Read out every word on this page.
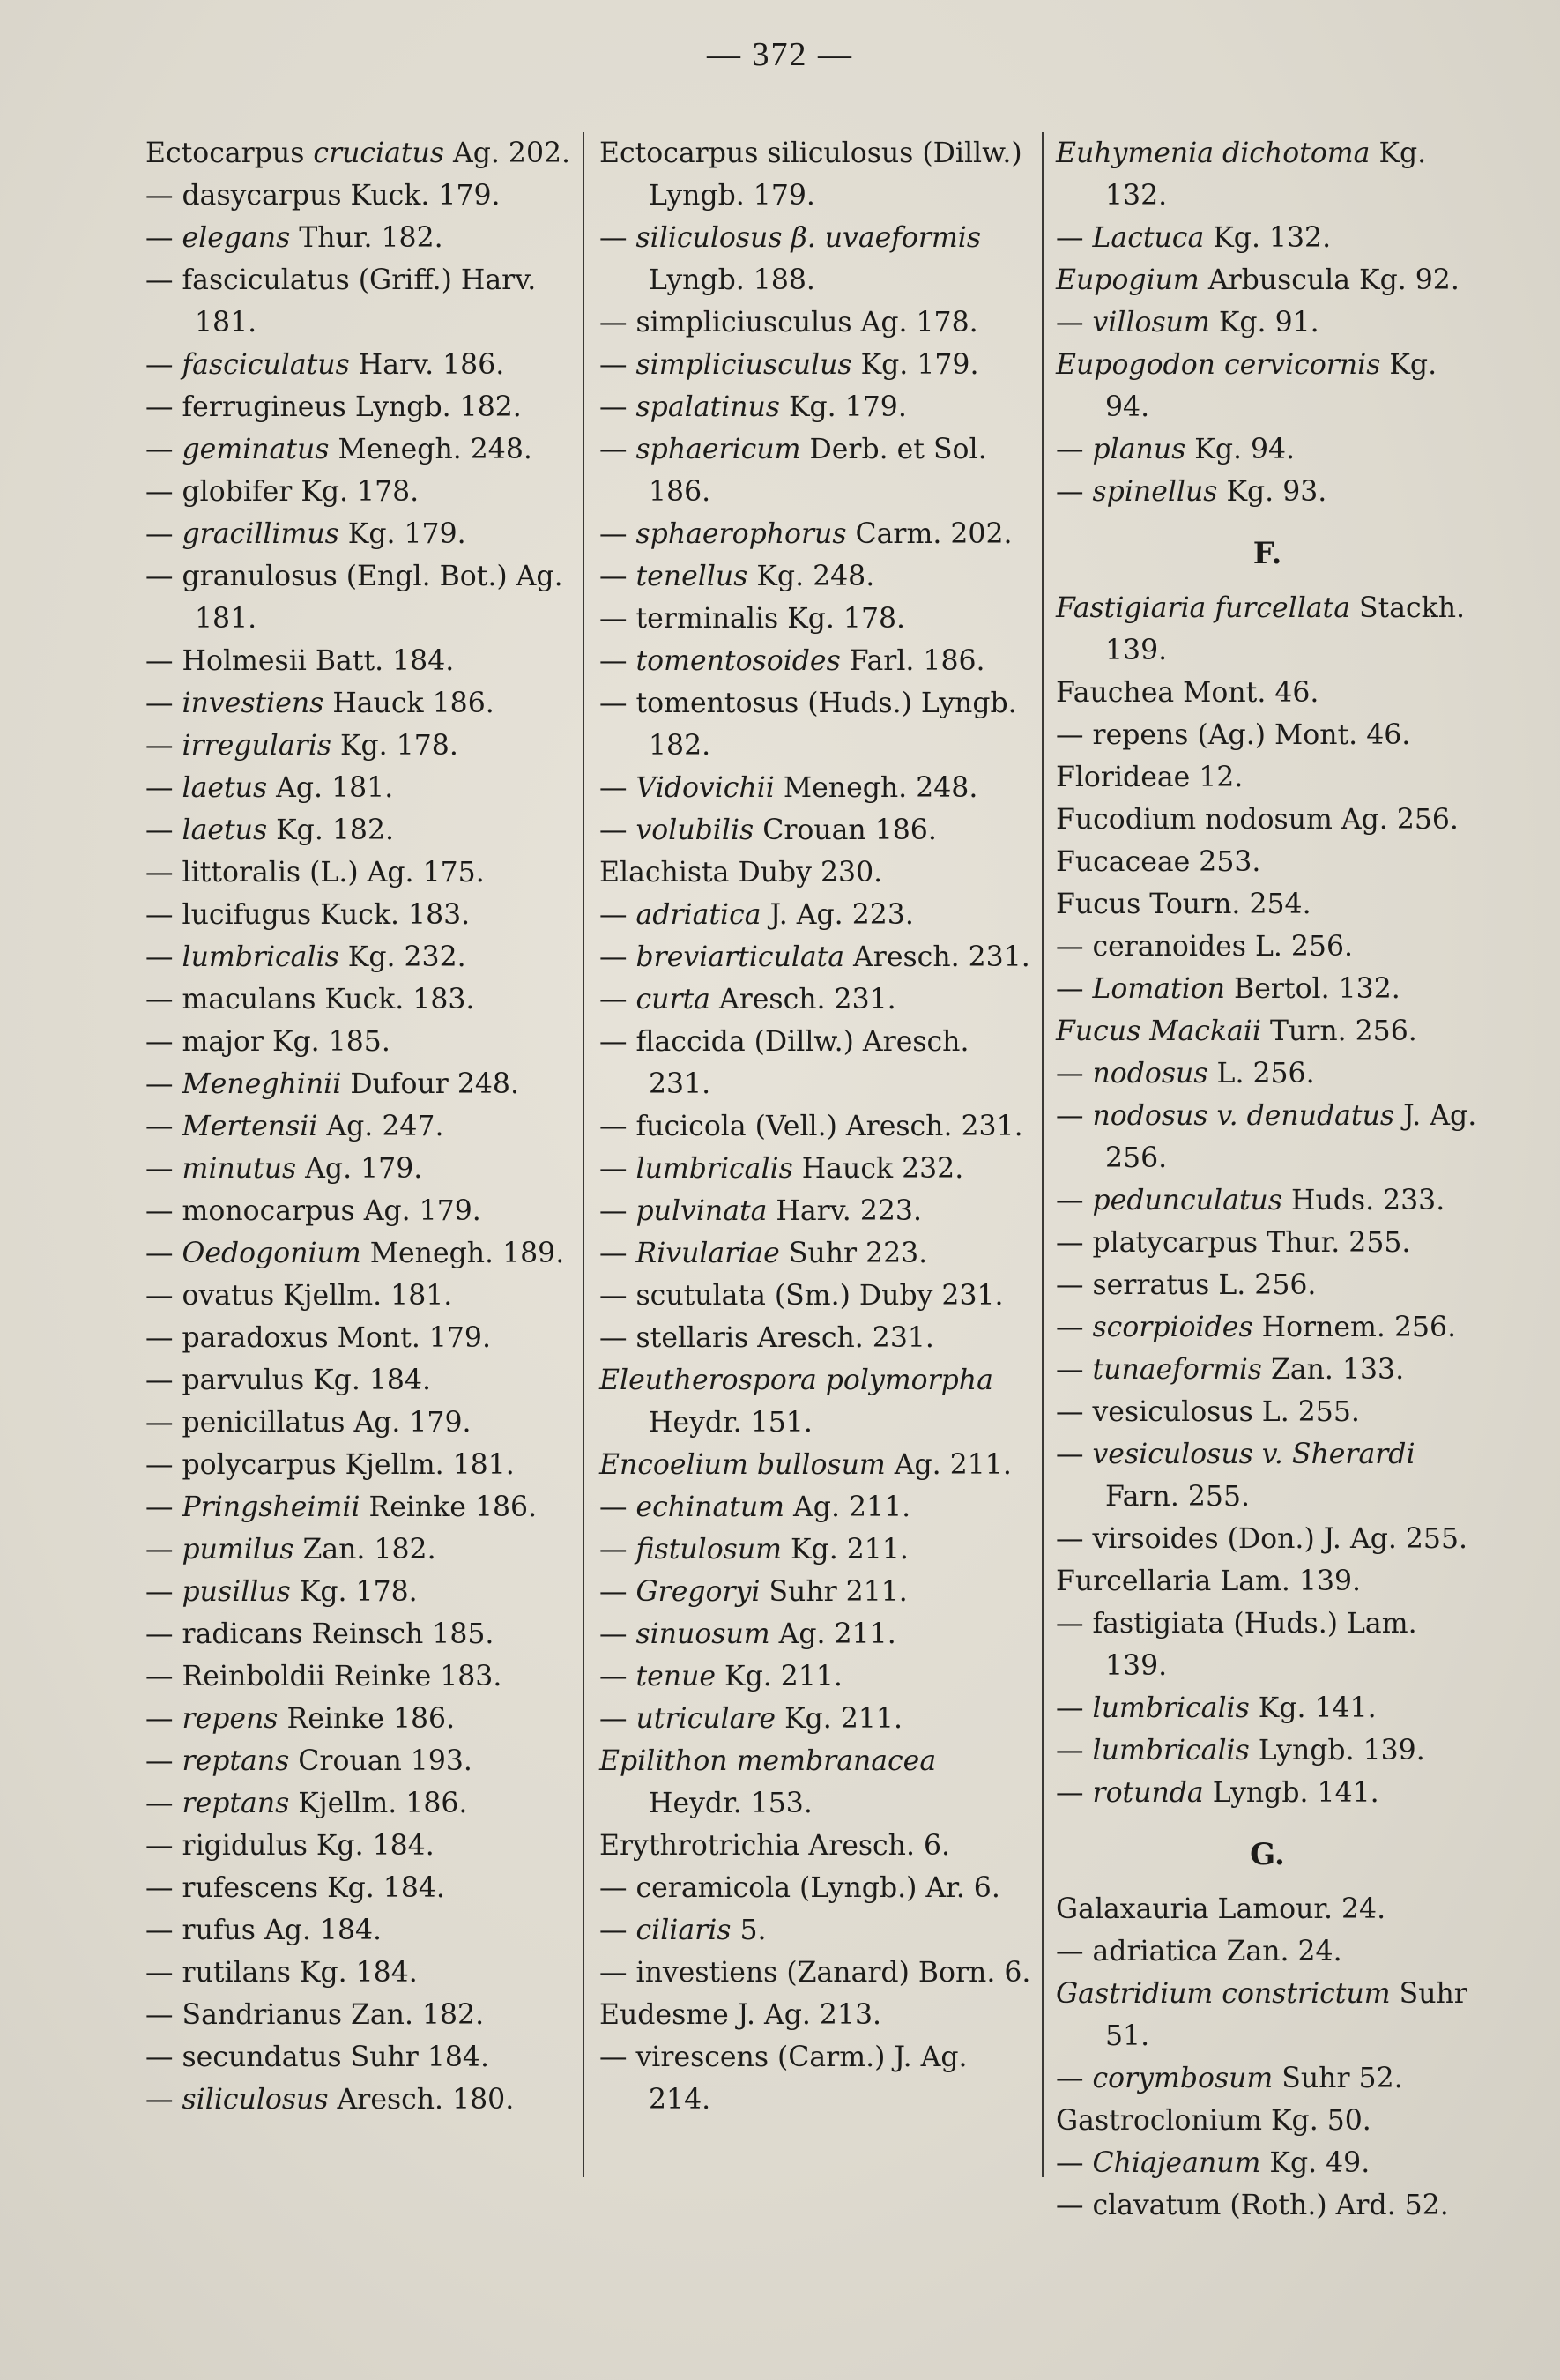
— 372 —

Ectocarpus cruciatus Ag. 202.

— dasycarpus Kuck. 179.

— elegans Thur. 182.

— fasciculatus (Griff.) Harv. 181.

— fasciculatus Harv. 186.

— ferrugineus Lyngb. 182.

— geminatus Menegh. 248.

— globifer Kg. 178.

— gracillimus Kg. 179.

— granulosus (Engl. Bot.) Ag. 181.

— Holmesii Batt. 184.

— investiens Hauck 186.

— irregularis Kg. 178.

— laetus Ag. 181.

— laetus Kg. 182.

— littoralis (L.) Ag. 175.

— lucifugus Kuck. 183.

— lumbricalis Kg. 232.

— maculans Kuck. 183.

— major Kg. 185.

— Meneghinii Dufour 248.

— Mertensii Ag. 247.

— minutus Ag. 179.

— monocarpus Ag. 179.

— Oedogonium Menegh. 189.

— ovatus Kjellm. 181.

— paradoxus Mont. 179.

— parvulus Kg. 184.

— penicillatus Ag. 179.

— polycarpus Kjellm. 181.

— Pringsheimii Reinke 186.

— pumilus Zan. 182.

— pusillus Kg. 178.

— radicans Reinsch 185.

— Reinboldii Reinke 183.

— repens Reinke 186.

— reptans Crouan 193.

— reptans Kjellm. 186.

— rigidulus Kg. 184.

— rufescens Kg. 184.

— rufus Ag. 184.

— rutilans Kg. 184.

— Sandrianus Zan. 182.

— secundatus Suhr 184.

— siliculosus Aresch. 180.

Ectocarpus siliculosus (Dillw.) Lyngb. 179.

— siliculosus β. uvaeformis Lyngb. 188.

— simpliciusculus Ag. 178.

— simpliciusculus Kg. 179.

— spalatinus Kg. 179.

— sphaericum Derb. et Sol. 186.

— sphaerophorus Carm. 202.

— tenellus Kg. 248.

— terminalis Kg. 178.

— tomentosoides Farl. 186.

— tomentosus (Huds.) Lyngb. 182.

— Vidovichii Menegh. 248.

— volubilis Crouan 186.

Elachista Duby 230.

— adriatica J. Ag. 223.

— breviarticulata Aresch. 231.

— curta Aresch. 231.

— flaccida (Dillw.) Aresch. 231.

— fucicola (Vell.) Aresch. 231.

— lumbricalis Hauck 232.

— pulvinata Harv. 223.

— Rivulariae Suhr 223.

— scutulata (Sm.) Duby 231.

— stellaris Aresch. 231.

Eleutherospora polymorpha Heydr. 151.

Encoelium bullosum Ag. 211.

— echinatum Ag. 211.

— fistulosum Kg. 211.

— Gregoryi Suhr 211.

— sinuosum Ag. 211.

— tenue Kg. 211.

— utriculare Kg. 211.

Epilithon membranacea Heydr. 153.

Erythrotrichia Aresch. 6.

— ceramicola (Lyngb.) Ar. 6.

— ciliaris 5.

— investiens (Zanard) Born. 6.

Eudesme J. Ag. 213.

— virescens (Carm.) J. Ag. 214.

Euhymenia dichotoma Kg. 132.

— Lactuca Kg. 132.

Eupogium Arbuscula Kg. 92.

— villosum Kg. 91.

Eupogodon cervicornis Kg. 94.

— planus Kg. 94.

— spinellus Kg. 93.

F.

Fastigiaria furcellata Stackh. 139.

Fauchea Mont. 46.

— repens (Ag.) Mont. 46.

Florideae 12.

Fucodium nodosum Ag. 256.

Fucaceae 253.

Fucus Tourn. 254.

— ceranoides L. 256.

— Lomation Bertol. 132.

Fucus Mackaii Turn. 256.

— nodosus L. 256.

— nodosus v. denudatus J. Ag. 256.

— pedunculatus Huds. 233.

— platycarpus Thur. 255.

— serratus L. 256.

— scorpioides Hornem. 256.

— tunaeformis Zan. 133.

— vesiculosus L. 255.

— vesiculosus v. Sherardi Farn. 255.

— virsoides (Don.) J. Ag. 255.

Furcellaria Lam. 139.

— fastigiata (Huds.) Lam. 139.

— lumbricalis Kg. 141.

— lumbricalis Lyngb. 139.

— rotunda Lyngb. 141.

G.

Galaxauria Lamour. 24.

— adriatica Zan. 24.

Gastridium constrictum Suhr 51.

— corymbosum Suhr 52.

Gastroclonium Kg. 50.

— Chiajeanum Kg. 49.

— clavatum (Roth.) Ard. 52.
